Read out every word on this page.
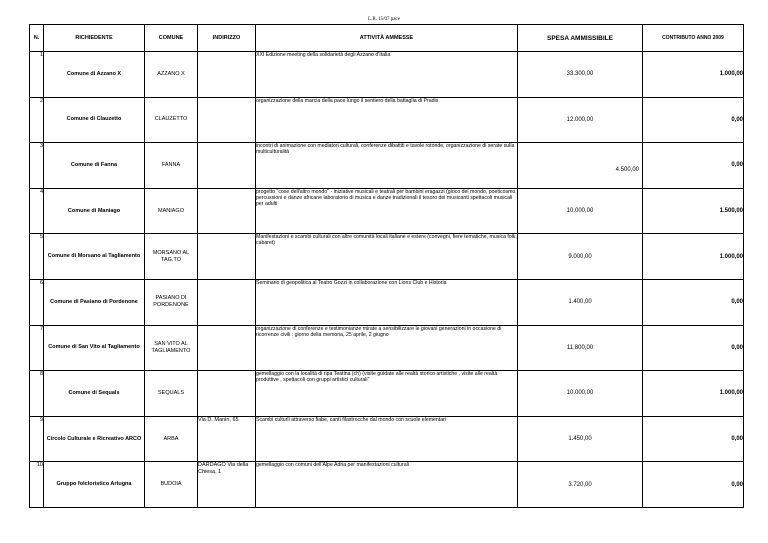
L.R. 15/07 pace
N.	RICHIEDENTE	COMUNE	INDIRIZZO	ATTIVITÀ AMMESSE	SPESA AMMISSIBILE	CONTRIBUTO ANNO 2009
1	Comune di Azzano X	AZZANO X		XXI Edizione meeting della solidarietà degli Azzano d'Italia	33.300,00	1.000,00
2	Comune di Clauzetto	CLAUZETTO		organizzazione della marcia della pace lungo il sentiero della battaglia di Pradis	12.000,00	0,00
3	Comune di Fanna	FANNA		incontri di animazione con mediatori culturali, conferenze dibattiti e tavole rotonde, organizzazione di serate sulla multiculturalità	4.500,00	0,00
4	Comune di Maniago	MANIAGO		progetto "cose dell'altro mondo" - iniziative musicali e teatrali per bambini eragazzi (gioco del mondo, poeticosmo, percussioni e danze africane laboratorio di musica e danze tradizionali il tesoro dei musicanti spettacoli musicali per adulti	10.000,00	1.500,00
5	Comune di Morsano al Tagliamento	MORSANO AL TAG.TO		Manifestazioni e scambi culturali con altre comunità locali italiane e estere (convegni, fiere tematiche, musica folk, cabaret)	9.000,00	1.000,00
6	Comune di Pasiano di Pordenone	PASIANO DI PORDENONE		Seminario di geopolitica al Teatro Gozzi in collaborazione con Lions Club e Historia	1.400,00	0,00
7	Comune di San Vito al Tagliamento	SAN VITO AL TAGLIAMENTO		organizzazione di conferenze e testimonianze mirate a sensibilizzare le giovani generazioni in occasione di ricorrenze civili : giorno della memoria, 25 aprile, 2 giugno	11.800,00	0,00
8	Comune di Sequals	SEQUALS		gemellaggio con la località di ripa Teatina (ch) (visite guidate alle realtà storico artistiche , visite alle realtà produttive , spettacoli con gruppi artistici culturali"	10.000,00	1.000,00
9	Circolo Culturale e Ricreativo ARCO	ARBA	Via D. Manin, 65	Scambi culturli attraverso fiabe, canti filastrocche dal mondo con scuole elementari	1.450,00	0,00
10	Gruppo folcloristico Artugna	BUDOIA	DARDAGO Via della Chiesa, 1	gemellaggio con comuni dell'Alpe Adria per manifestazioni culturali	3.720,00	0,00
